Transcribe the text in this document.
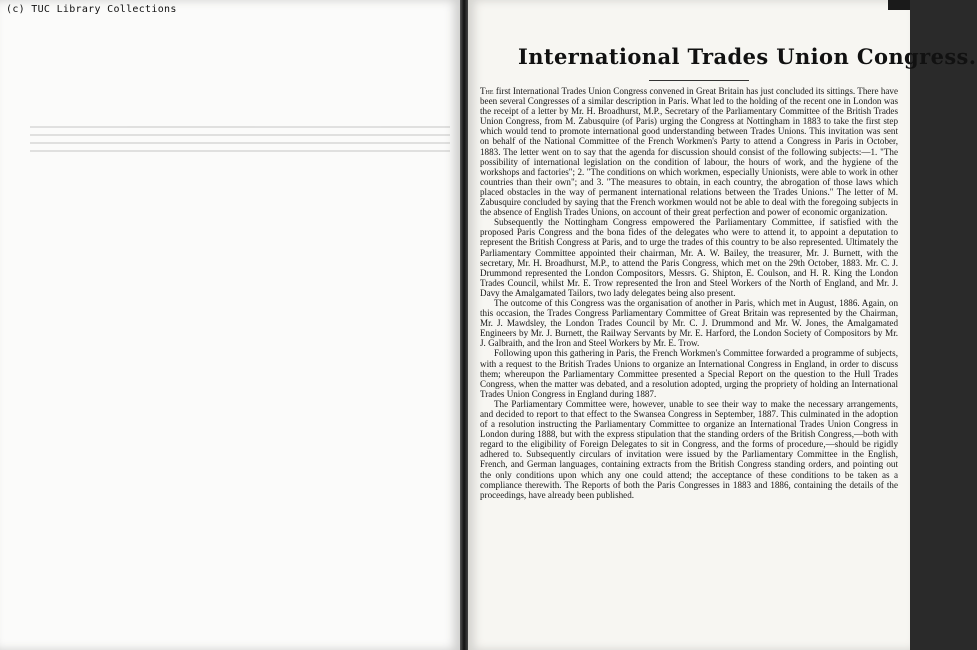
(c) TUC Library Collections

International Trades Union Congress.

The first International Trades Union Congress convened in Great Britain has just concluded its sittings. There have been several Congresses of a similar description in Paris. What led to the holding of the recent one in London was the receipt of a letter by Mr. H. Broadhurst, M.P., Secretary of the Parliamentary Committee of the British Trades Union Congress, from M. Zabusquire (of Paris) urging the Congress at Nottingham in 1883 to take the first step which would tend to promote international good understanding between Trades Unions. This invitation was sent on behalf of the National Committee of the French Workmen's Party to attend a Congress in Paris in October, 1883. The letter went on to say that the agenda for discussion should consist of the following subjects:—1. "The possibility of international legislation on the condition of labour, the hours of work, and the hygiene of the workshops and factories"; 2. "The conditions on which workmen, especially Unionists, were able to work in other countries than their own"; and 3. "The measures to obtain, in each country, the abrogation of those laws which placed obstacles in the way of permanent international relations between the Trades Unions." The letter of M. Zabusquire concluded by saying that the French workmen would not be able to deal with the foregoing subjects in the absence of English Trades Unions, on account of their great perfection and power of economic organization.

Subsequently the Nottingham Congress empowered the Parliamentary Committee, if satisfied with the proposed Paris Congress and the bona fides of the delegates who were to attend it, to appoint a deputation to represent the British Congress at Paris, and to urge the trades of this country to be also represented. Ultimately the Parliamentary Committee appointed their chairman, Mr. A. W. Bailey, the treasurer, Mr. J. Burnett, with the secretary, Mr. H. Broadhurst, M.P., to attend the Paris Congress, which met on the 29th October, 1883. Mr. C. J. Drummond represented the London Compositors, Messrs. G. Shipton, E. Coulson, and H. R. King the London Trades Council, whilst Mr. E. Trow represented the Iron and Steel Workers of the North of England, and Mr. J. Davy the Amalgamated Tailors, two lady delegates being also present.

The outcome of this Congress was the organisation of another in Paris, which met in August, 1886. Again, on this occasion, the Trades Congress Parliamentary Committee of Great Britain was represented by the Chairman, Mr. J. Mawdsley, the London Trades Council by Mr. C. J. Drummond and Mr. W. Jones, the Amalgamated Engineers by Mr. J. Burnett, the Railway Servants by Mr. E. Harford, the London Society of Compositors by Mr. J. Galbraith, and the Iron and Steel Workers by Mr. E. Trow.

Following upon this gathering in Paris, the French Workmen's Committee forwarded a programme of subjects, with a request to the British Trades Unions to organize an International Congress in England, in order to discuss them; whereupon the Parliamentary Committee presented a Special Report on the question to the Hull Trades Congress, when the matter was debated, and a resolution adopted, urging the propriety of holding an International Trades Union Congress in England during 1887.

The Parliamentary Committee were, however, unable to see their way to make the necessary arrangements, and decided to report to that effect to the Swansea Congress in September, 1887. This culminated in the adoption of a resolution instructing the Parliamentary Committee to organize an International Trades Union Congress in London during 1888, but with the express stipulation that the standing orders of the British Congress,—both with regard to the eligibility of Foreign Delegates to sit in Congress, and the forms of procedure,—should be rigidly adhered to. Subsequently circulars of invitation were issued by the Parliamentary Committee in the English, French, and German languages, containing extracts from the British Congress standing orders, and pointing out the only conditions upon which any one could attend; the acceptance of these conditions to be taken as a compliance therewith. The Reports of both the Paris Congresses in 1883 and 1886, containing the details of the proceedings, have already been published.
